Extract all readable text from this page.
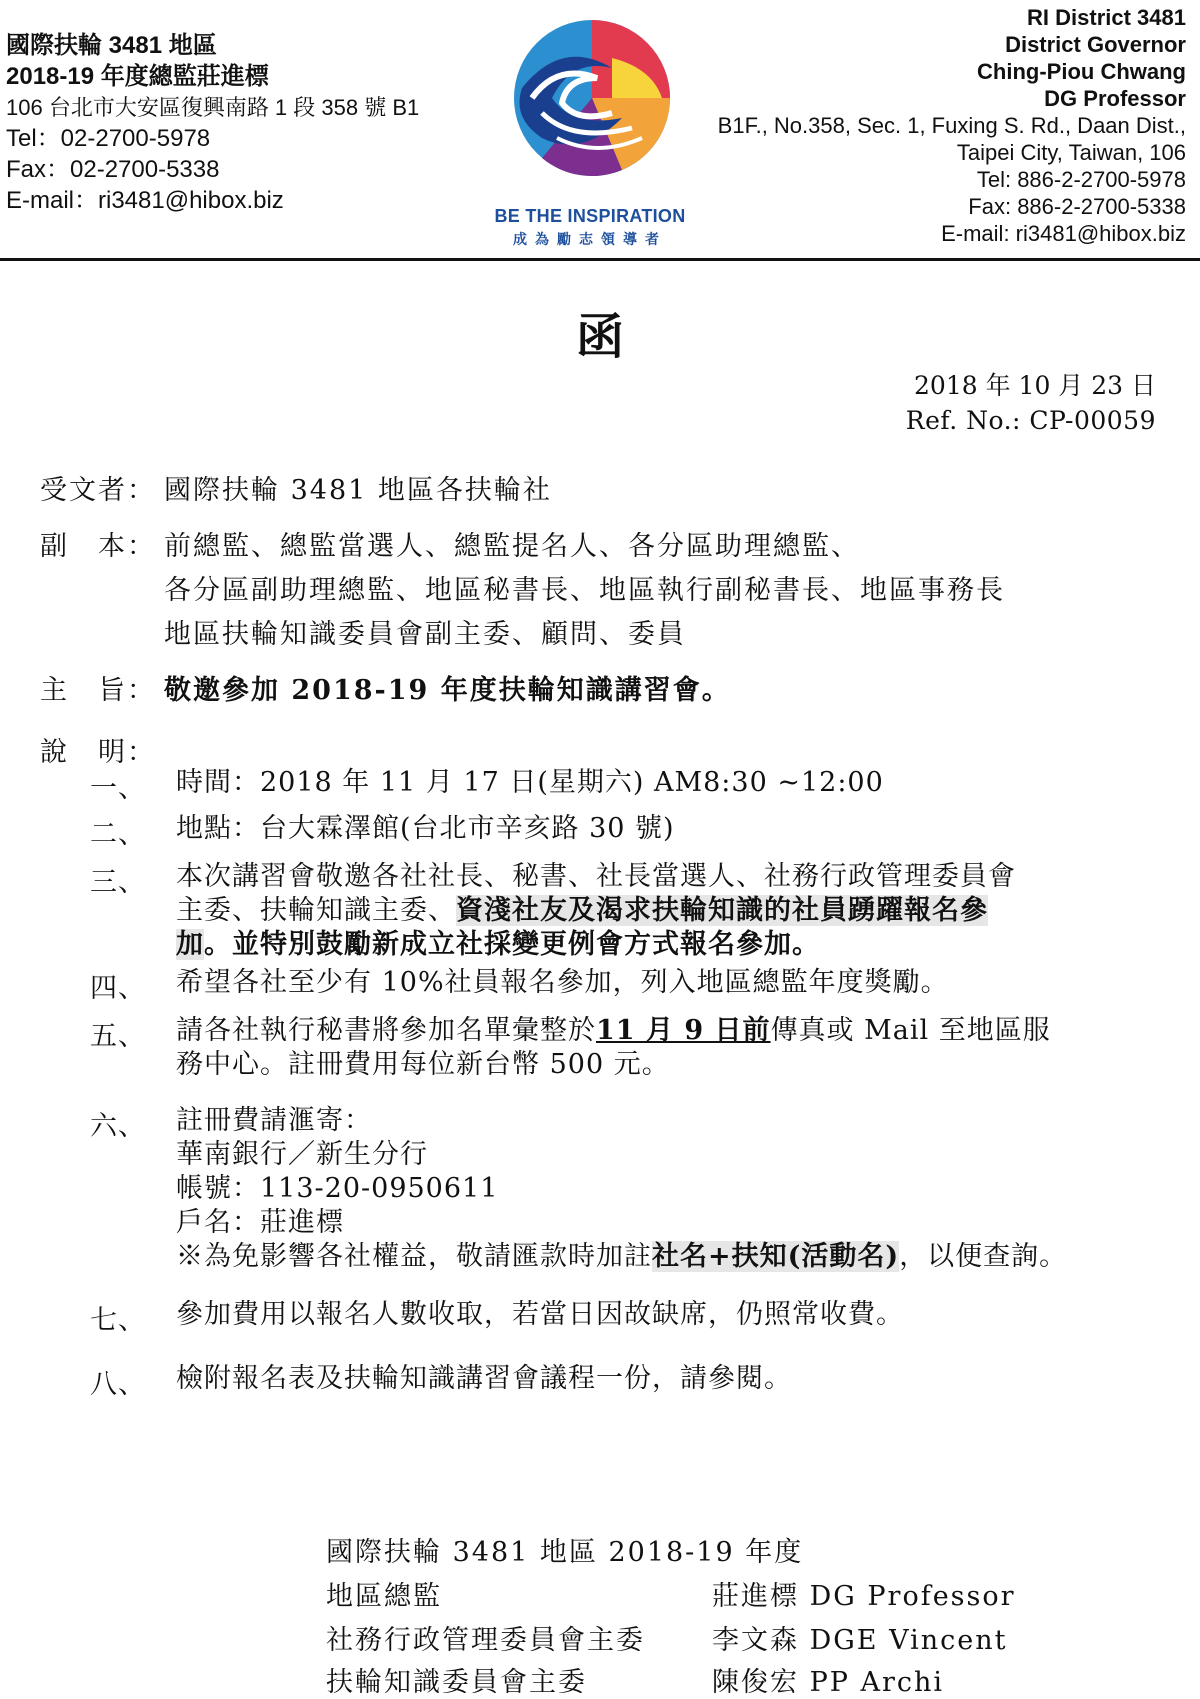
國際扶輪 3481 地區
2018-19 年度總監莊進標
106 台北市大安區復興南路 1 段 358 號 B1
Tel：02-2700-5978
Fax：02-2700-5338
E-mail：ri3481@hibox.biz
BE THE INSPIRATION
成為勵志領導者
RI District 3481
District Governor
Ching-Piou Chwang
DG Professor
B1F., No.358, Sec. 1, Fuxing S. Rd., Daan Dist.,
Taipei City, Taiwan, 106
Tel: 886-2-2700-5978
Fax: 886-2-2700-5338
E-mail: ri3481@hibox.biz
函
2018 年 10 月 23 日
Ref. No.: CP-00059
受文者： 國際扶輪 3481 地區各扶輪社
副　本： 前總監、總監當選人、總監提名人、各分區助理總監、
各分區副助理總監、地區秘書長、地區執行副秘書長、地區事務長
地區扶輪知識委員會副主委、顧問、委員
主　旨： 敬邀參加 2018-19 年度扶輪知識講習會。
說　明：
一、	時間：2018 年 11 月 17 日(星期六) AM8:30 ~12:00
二、	地點：台大霖澤館(台北市辛亥路 30 號)
三、	本次講習會敬邀各社社長、秘書、社長當選人、社務行政管理委員會
主委、扶輪知識主委、資淺社友及渴求扶輪知識的社員踴躍報名參
加。並特別鼓勵新成立社採變更例會方式報名參加。
四、	希望各社至少有 10%社員報名參加，列入地區總監年度獎勵。
五、	請各社執行秘書將參加名單彙整於11 月 9 日前傳真或 Mail 至地區服
務中心。註冊費用每位新台幣 500 元。
六、	註冊費請滙寄：
華南銀行／新生分行
帳號：113-20-0950611
戶名：莊進標
※為免影響各社權益，敬請匯款時加註社名+扶知(活動名)，以便查詢。
七、	參加費用以報名人數收取，若當日因故缺席，仍照常收費。
八、	檢附報名表及扶輪知識講習會議程一份，請參閱。
國際扶輪 3481 地區 2018-19 年度
地區總監	莊進標 DG Professor
社務行政管理委員會主委 李文森 DGE Vincent
扶輪知識委員會主委	陳俊宏 PP Archi
